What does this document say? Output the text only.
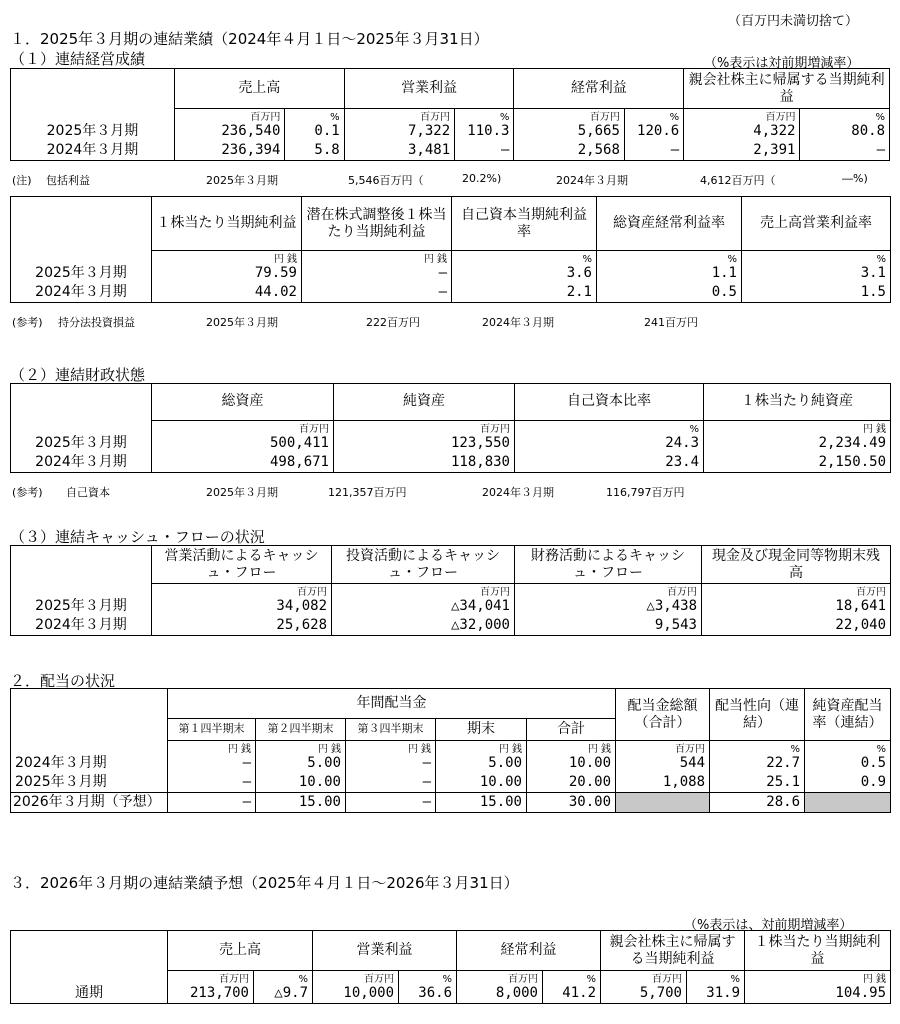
（百万円未満切捨て）
１．2025年３月期の連結業績（2024年４月１日～2025年３月31日）
（１）連結経営成績	（%表示は対前期増減率）
	売上高		営業利益		経常利益		親会社株主に帰属する当期純利益	
	百万円	%	百万円	%	百万円	%	百万円	%
2025年３月期	236,540	0.1	7,322	110.3	5,665	120.6	4,322	80.8
2024年３月期	236,394	5.8	3,481	―	2,568	―	2,391	―
(注) 包括利益	2025年３月期	5,546百万円（	20.2%)	2024年３月期	4,612百万円（	―%)
	１株当たり当期純利益	潜在株式調整後１株当たり当期純利益	自己資本当期純利益率	総資産経常利益率	売上高営業利益率
	円 銭	円 銭	%	%	%
2025年３月期	79.59	―	3.6	1.1	3.1
2024年３月期	44.02	―	2.1	0.5	1.5
(参考) 持分法投資損益	2025年３月期	222百万円	2024年３月期	241百万円
（２）連結財政状態
	総資産	純資産	自己資本比率	１株当たり純資産
	百万円	百万円	%	円 銭
2025年３月期	500,411	123,550	24.3	2,234.49
2024年３月期	498,671	118,830	23.4	2,150.50
(参考) 自己資本	2025年３月期	121,357百万円	2024年３月期	116,797百万円
（３）連結キャッシュ・フローの状況
	営業活動によるキャッシュ・フロー	投資活動によるキャッシュ・フロー	財務活動によるキャッシュ・フロー	現金及び現金同等物期末残高
	百万円	百万円	百万円	百万円
2025年３月期	34,082	△34,041	△3,438	18,641
2024年３月期	25,628	△32,000	9,543	22,040
２．配当の状況
	年間配当金					配当金総額（合計）	配当性向（連結）	純資産配当率（連結）
	第１四半期末	第２四半期末	第３四半期末	期末	合計			
	円 銭	円 銭	円 銭	円 銭	円 銭	百万円	%	%
2024年３月期	―	5.00	―	5.00	10.00	544	22.7	0.5
2025年３月期	―	10.00	―	10.00	20.00	1,088	25.1	0.9
2026年３月期（予想）	―	15.00	―	15.00	30.00		28.6	
３．2026年３月期の連結業績予想（2025年４月１日～2026年３月31日）
（%表示は、対前期増減率）
	売上高		営業利益		経常利益		親会社株主に帰属する当期純利益		１株当たり当期純利益
	百万円	%	百万円	%	百万円	%	百万円	%	円 銭
通期	213,700	△9.7	10,000	36.6	8,000	41.2	5,700	31.9	104.95
